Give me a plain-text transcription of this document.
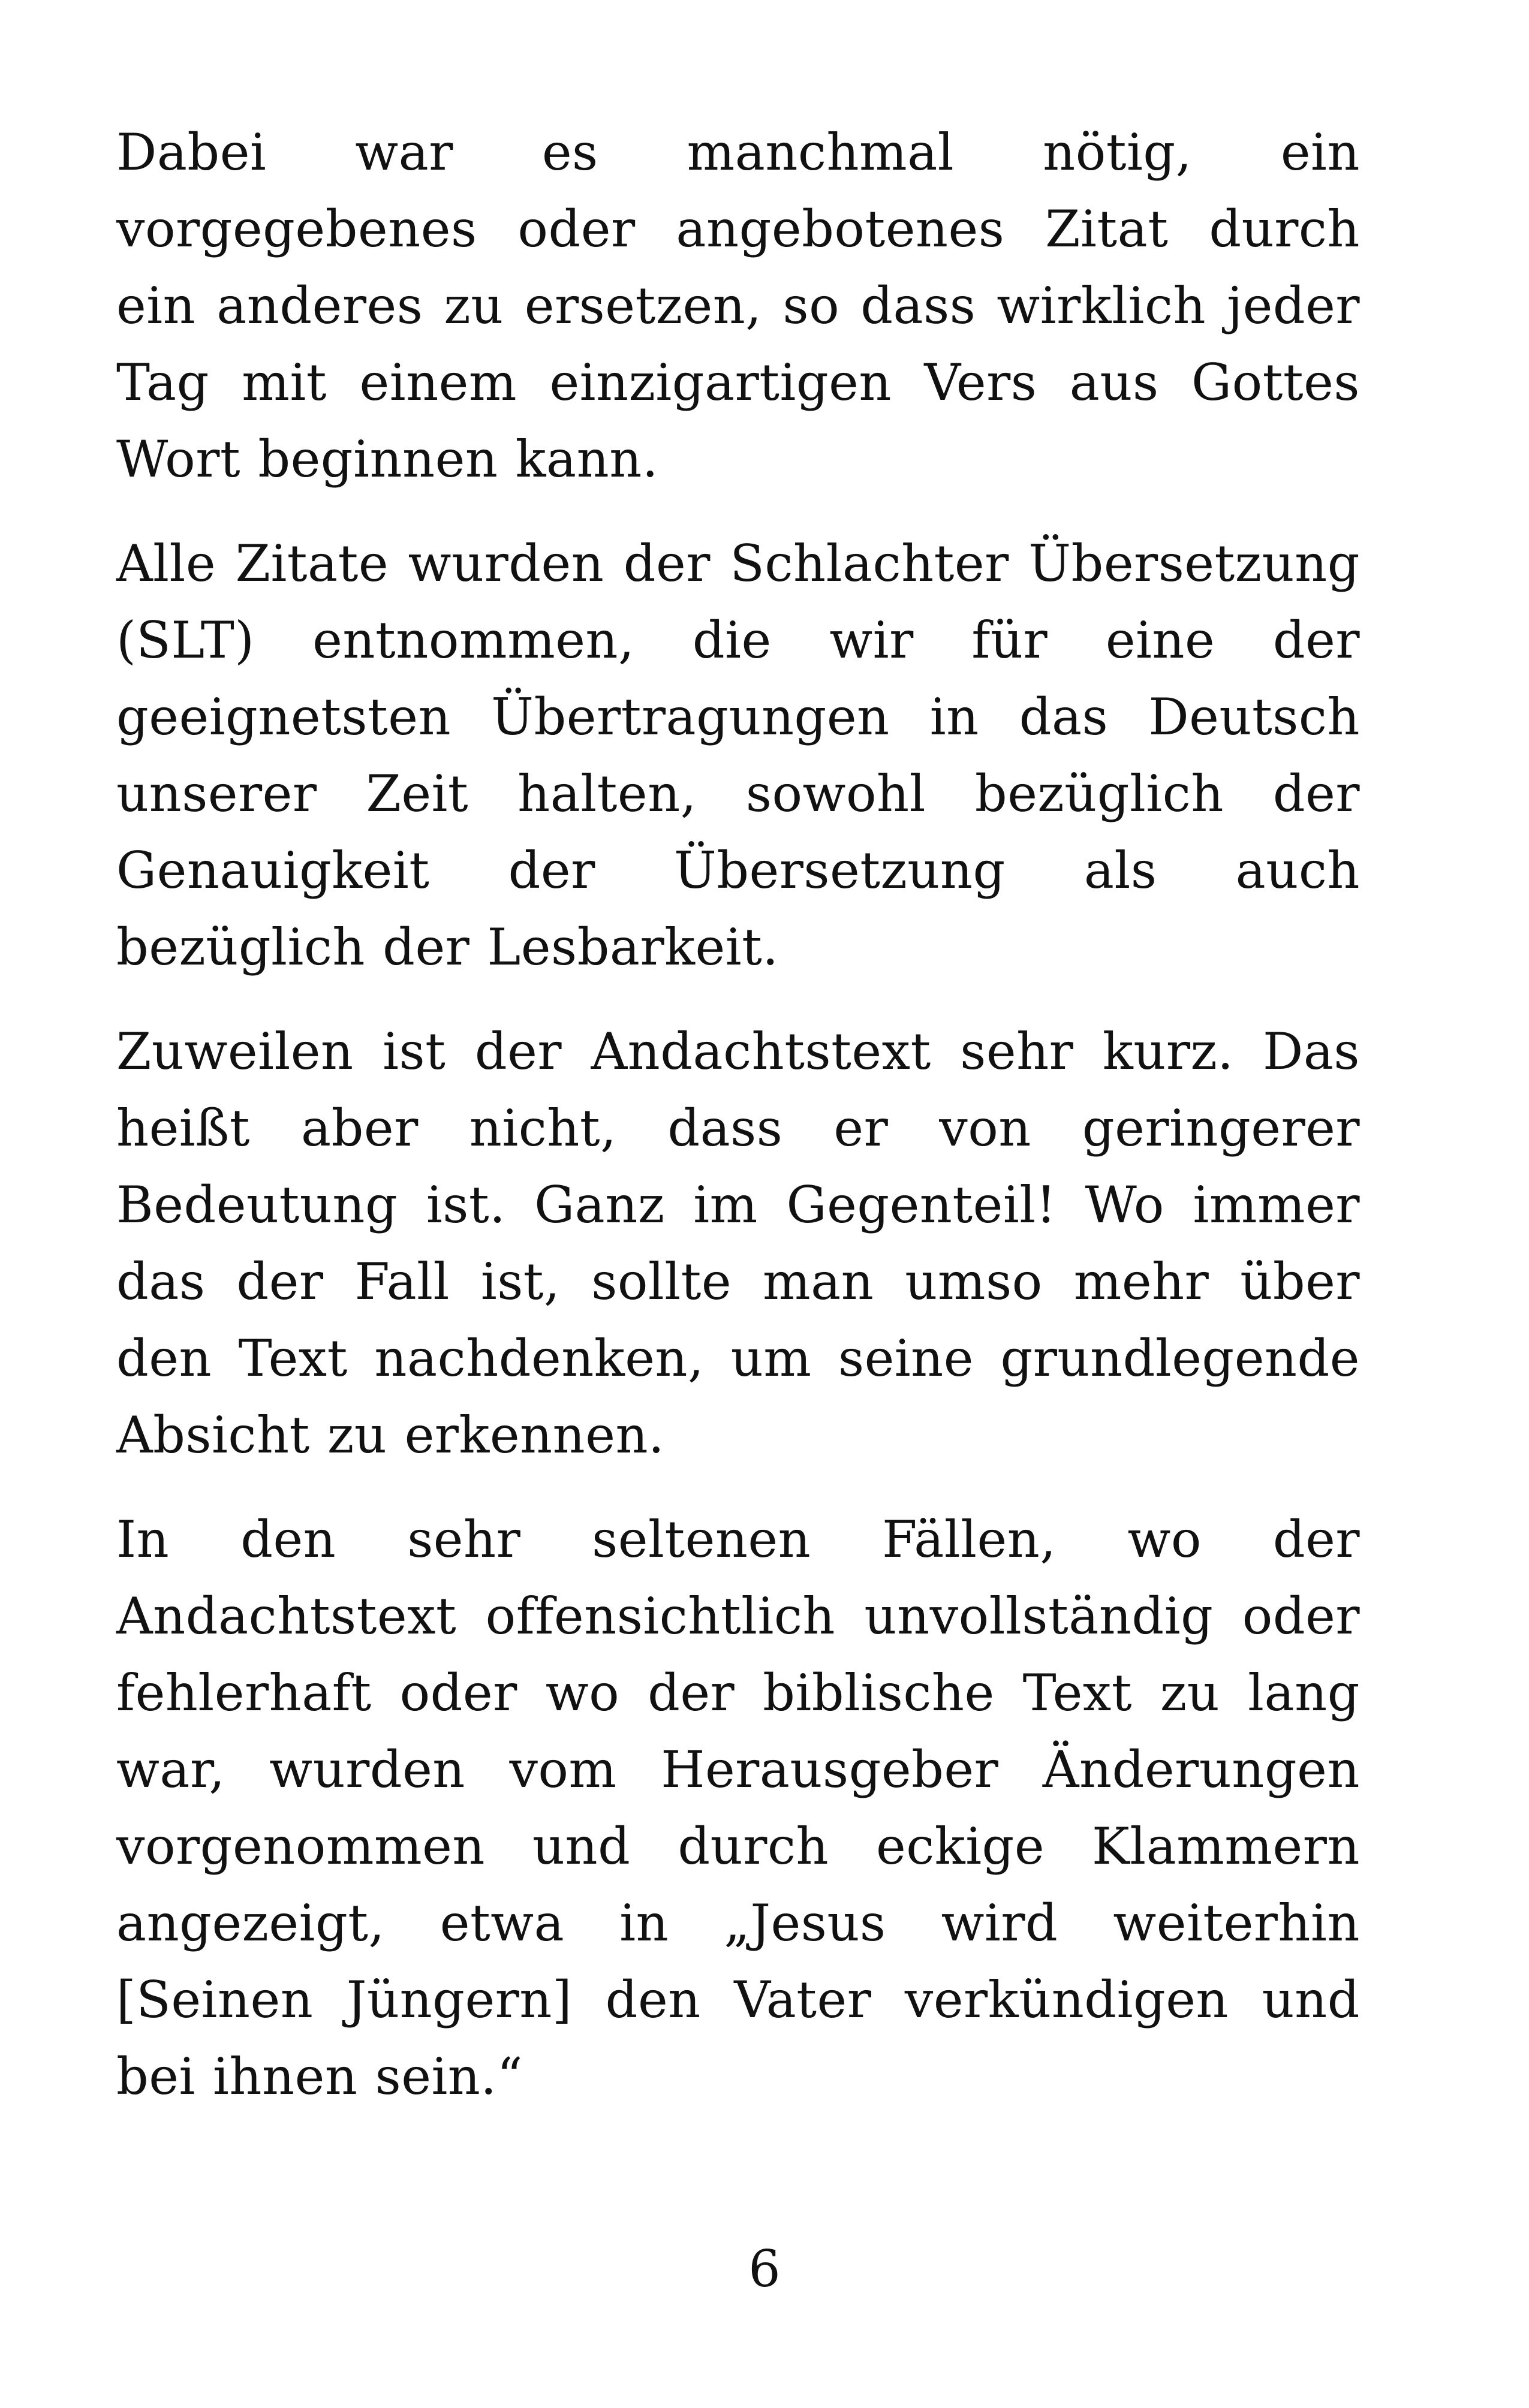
Dabei war es manchmal nötig, ein vorgegebenes oder angebotenes Zitat durch ein anderes zu ersetzen, so dass wirklich jeder Tag mit einem einzigartigen Vers aus Gottes Wort beginnen kann.

Alle Zitate wurden der Schlachter Übersetzung (SLT) entnommen, die wir für eine der geeignetsten Übertragungen in das Deutsch unserer Zeit halten, sowohl bezüglich der Genauigkeit der Übersetzung als auch bezüglich der Lesbarkeit.

Zuweilen ist der Andachtstext sehr kurz. Das heißt aber nicht, dass er von geringerer Bedeutung ist. Ganz im Gegenteil! Wo immer das der Fall ist, sollte man umso mehr über den Text nachdenken, um seine grundlegende Absicht zu erkennen.

In den sehr seltenen Fällen, wo der Andachtstext offensichtlich unvollständig oder fehlerhaft oder wo der biblische Text zu lang war, wurden vom Herausgeber Änderungen vorgenommen und durch eckige Klammern angezeigt, etwa in „Jesus wird weiterhin [Seinen Jüngern] den Vater verkündigen und bei ihnen sein.“

6
